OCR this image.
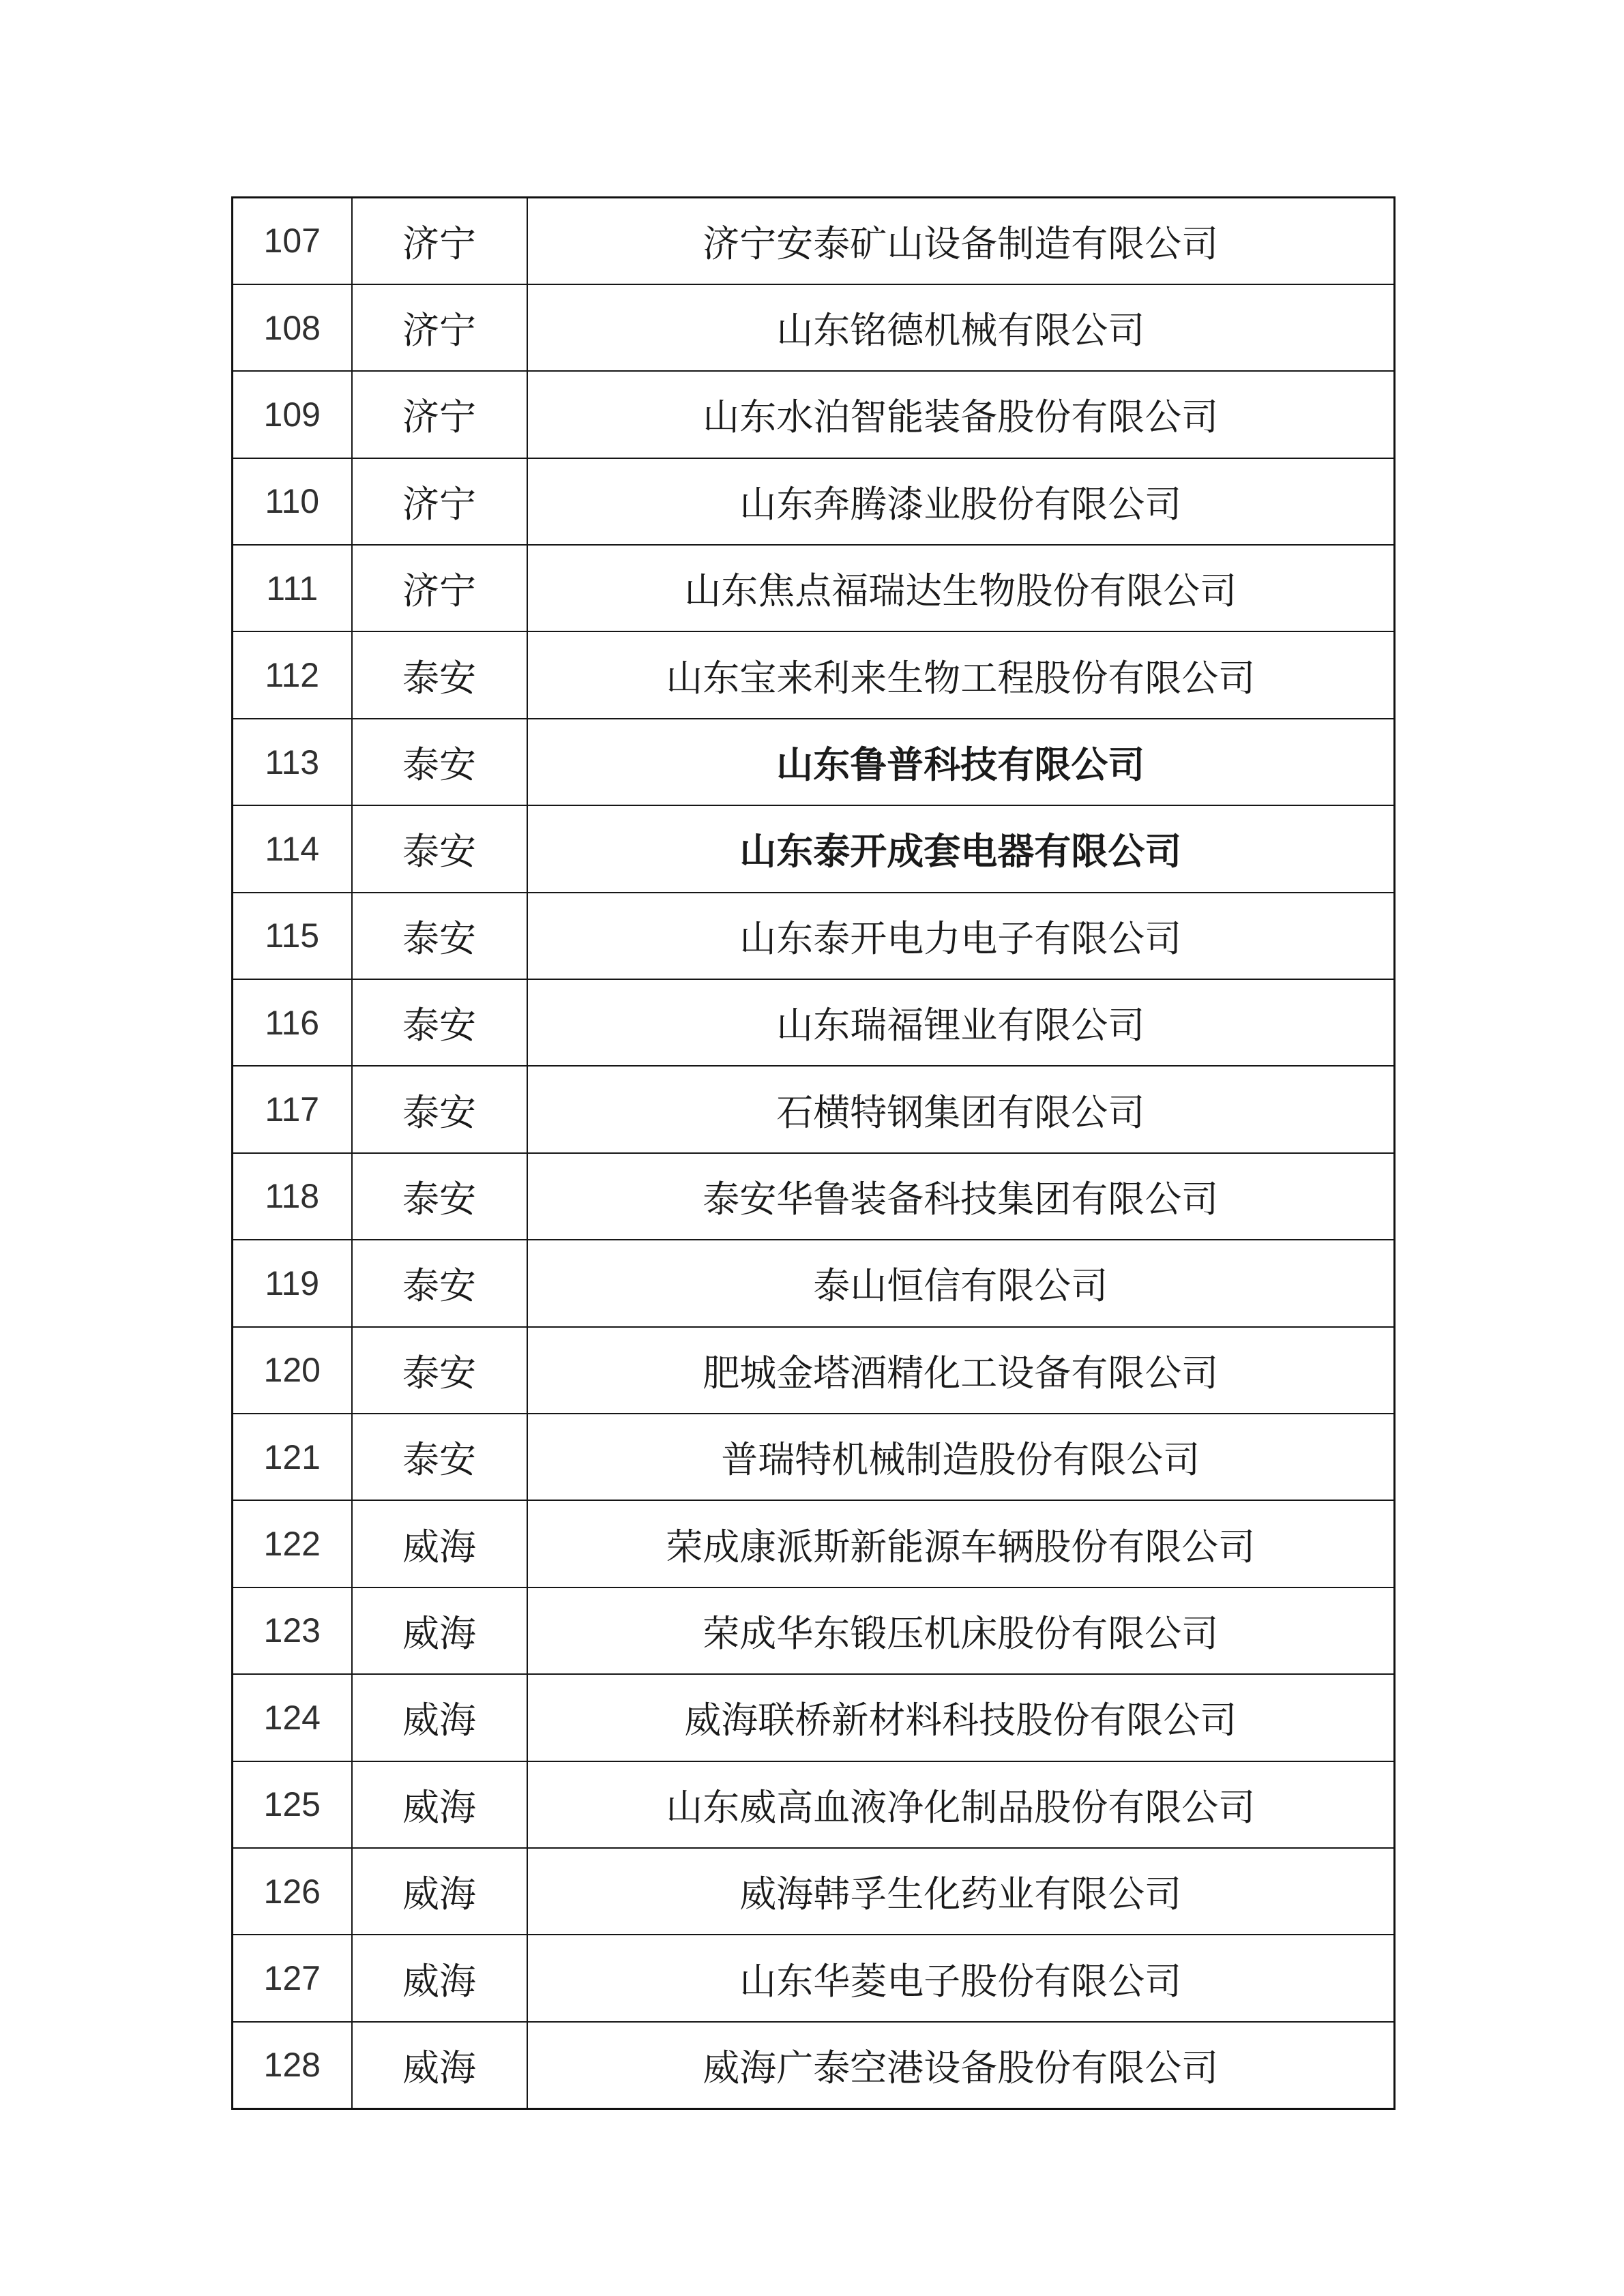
107	济宁	济宁安泰矿山设备制造有限公司
108	济宁	山东铭德机械有限公司
109	济宁	山东水泊智能装备股份有限公司
110	济宁	山东奔腾漆业股份有限公司
111	济宁	山东焦点福瑞达生物股份有限公司
112	泰安	山东宝来利来生物工程股份有限公司
113	泰安	山东鲁普科技有限公司
114	泰安	山东泰开成套电器有限公司
115	泰安	山东泰开电力电子有限公司
116	泰安	山东瑞福锂业有限公司
117	泰安	石横特钢集团有限公司
118	泰安	泰安华鲁装备科技集团有限公司
119	泰安	泰山恒信有限公司
120	泰安	肥城金塔酒精化工设备有限公司
121	泰安	普瑞特机械制造股份有限公司
122	威海	荣成康派斯新能源车辆股份有限公司
123	威海	荣成华东锻压机床股份有限公司
124	威海	威海联桥新材料科技股份有限公司
125	威海	山东威高血液净化制品股份有限公司
126	威海	威海韩孚生化药业有限公司
127	威海	山东华菱电子股份有限公司
128	威海	威海广泰空港设备股份有限公司
